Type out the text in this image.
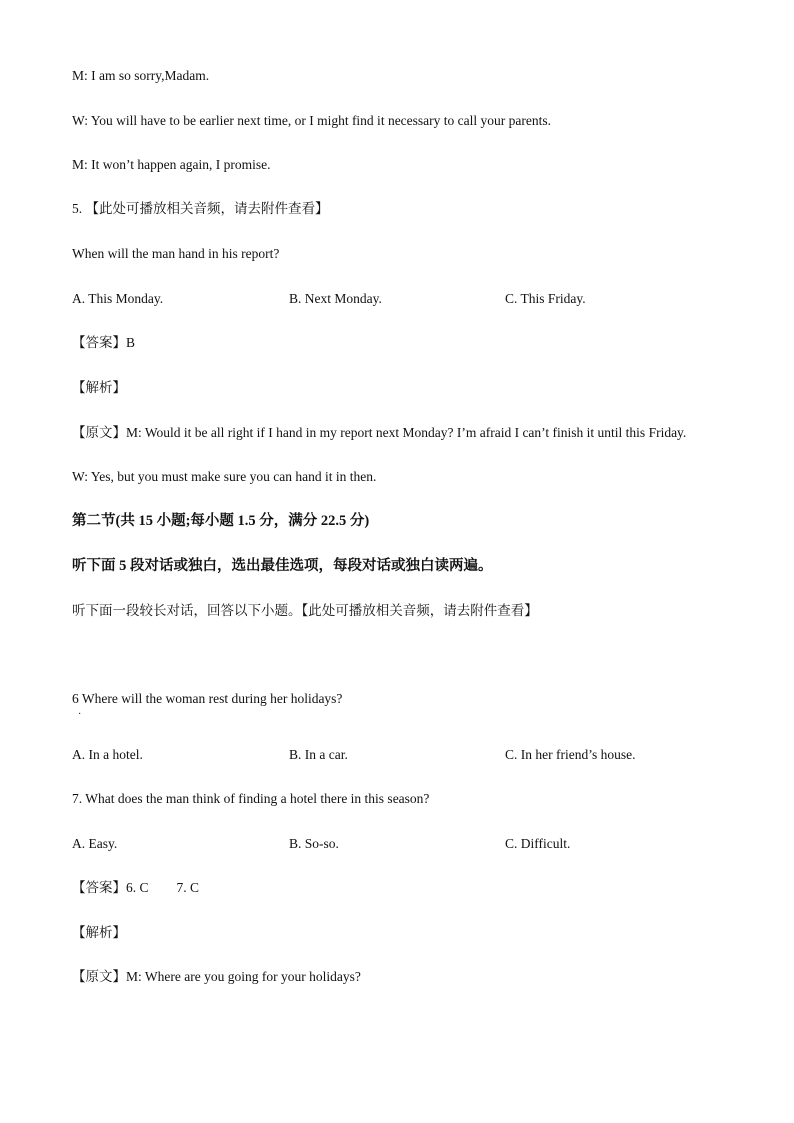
M: I am so sorry,Madam.
W: You will have to be earlier next time, or I might find it necessary to call your parents.
M: It won’t happen again, I promise.
5. 【此处可播放相关音频，请去附件查看】
When will the man hand in his report?
A. This Monday.	B. Next Monday.	C. This Friday.
【答案】B
【解析】
【原文】M: Would it be all right if I hand in my report next Monday? I’m afraid I can’t finish it until this Friday.
W: Yes, but you must make sure you can hand it in then.
第二节(共 15 小题;每小题 1.5 分，满分 22.5 分)
听下面 5 段对话或独白，选出最佳选项，每段对话或独白读两遍。
听下面一段较长对话，回答以下小题。【此处可播放相关音频，请去附件查看】
6 Where will the woman rest during her holidays?
·
A. In a hotel.	B. In a car.	C. In her friend’s house.
7. What does the man think of finding a hotel there in this season?
A. Easy.	B. So-so.	C. Difficult.
【答案】6. C 7. C
【解析】
【原文】M: Where are you going for your holidays?
